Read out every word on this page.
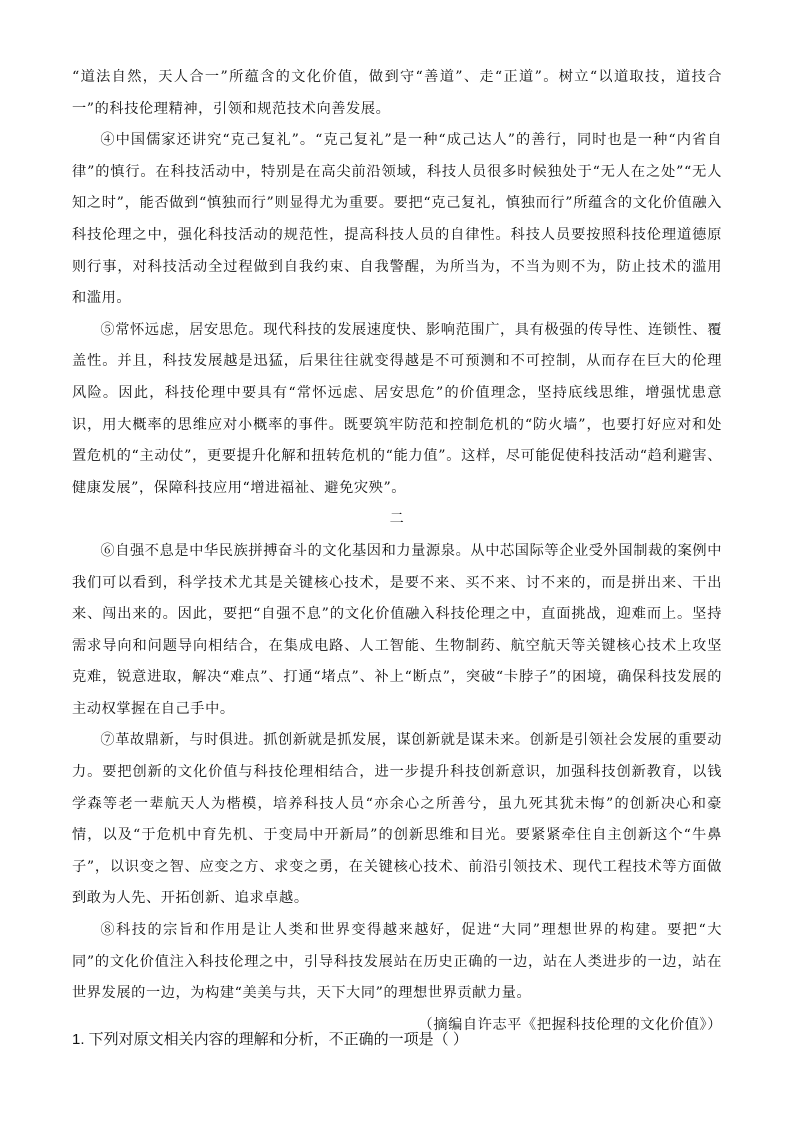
“道法自然，天人合一”所蕴含的文化价值，做到守“善道”、走“正道”。树立“以道取技，道技合一”的科技伦理精神，引领和规范技术向善发展。

④中国儒家还讲究“克己复礼”。“克己复礼”是一种“成己达人”的善行，同时也是一种“内省自律”的慎行。在科技活动中，特别是在高尖前沿领域，科技人员很多时候独处于“无人在之处”“无人知之时”，能否做到“慎独而行”则显得尤为重要。要把“克己复礼，慎独而行”所蕴含的文化价值融入科技伦理之中，强化科技活动的规范性，提高科技人员的自律性。科技人员要按照科技伦理道德原则行事，对科技活动全过程做到自我约束、自我警醒，为所当为，不当为则不为，防止技术的滥用和滥用。

⑤常怀远虑，居安思危。现代科技的发展速度快、影响范围广，具有极强的传导性、连锁性、覆盖性。并且，科技发展越是迅猛，后果往往就变得越是不可预测和不可控制，从而存在巨大的伦理风险。因此，科技伦理中要具有“常怀远虑、居安思危”的价值理念，坚持底线思维，增强忧患意识，用大概率的思维应对小概率的事件。既要筑牢防范和控制危机的“防火墙”，也要打好应对和处置危机的“主动仗”，更要提升化解和扭转危机的“能力值”。这样，尽可能促使科技活动“趋利避害、健康发展”，保障科技应用“增进福祉、避免灾殃”。

二

⑥自强不息是中华民族拼搏奋斗的文化基因和力量源泉。从中芯国际等企业受外国制裁的案例中我们可以看到，科学技术尤其是关键核心技术，是要不来、买不来、讨不来的，而是拼出来、干出来、闯出来的。因此，要把“自强不息”的文化价值融入科技伦理之中，直面挑战，迎难而上。坚持需求导向和问题导向相结合，在集成电路、人工智能、生物制药、航空航天等关键核心技术上攻坚克难，锐意进取，解决“难点”、打通“堵点”、补上“断点”，突破“卡脖子”的困境，确保科技发展的主动权掌握在自己手中。

⑦革故鼎新，与时俱进。抓创新就是抓发展，谋创新就是谋未来。创新是引领社会发展的重要动力。要把创新的文化价值与科技伦理相结合，进一步提升科技创新意识，加强科技创新教育，以钱学森等老一辈航天人为楷模，培养科技人员“亦余心之所善兮，虽九死其犹未悔”的创新决心和豪情，以及“于危机中育先机、于变局中开新局”的创新思维和目光。要紧紧牵住自主创新这个“牛鼻子”，以识变之智、应变之方、求变之勇，在关键核心技术、前沿引领技术、现代工程技术等方面做到敢为人先、开拓创新、追求卓越。

⑧科技的宗旨和作用是让人类和世界变得越来越好，促进“大同”理想世界的构建。要把“大同”的文化价值注入科技伦理之中，引导科技发展站在历史正确的一边，站在人类进步的一边，站在世界发展的一边，为构建“美美与共，天下大同”的理想世界贡献力量。

（摘编自许志平《把握科技伦理的文化价值》）

1. 下列对原文相关内容的理解和分析，不正确的一项是（ ）
